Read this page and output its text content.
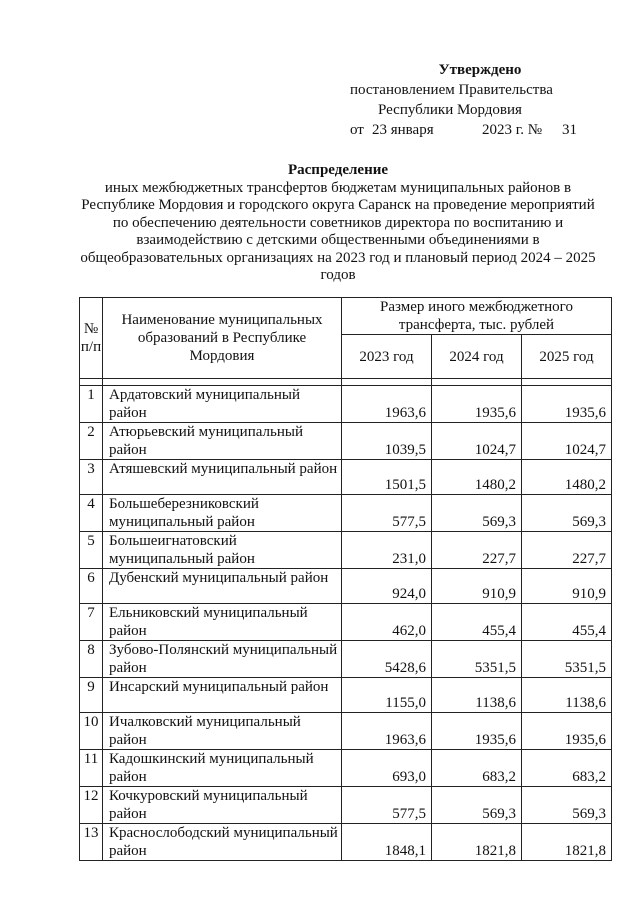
Утверждено
постановлением Правительства
Республики Мордовия
от 23 января	2023 г. №	31
Распределение
иных межбюджетных трансфертов бюджетам муниципальных районов в Республике Мордовия и городского округа Саранск на проведение мероприятий по обеспечению деятельности советников директора по воспитанию и взаимодействию с детскими общественными объединениями в общеобразовательных организациях на 2023 год и плановый период 2024 – 2025 годов
№ п/п	Наименование муниципальных образований в Республике Мордовия	Размер иного межбюджетного трансферта, тыс. рублей		
		2023 год	2024 год	2025 год

1	Ардатовский муниципальный район	1963,6	1935,6	1935,6
2	Атюрьевский муниципальный район	1039,5	1024,7	1024,7
3	Атяшевский муниципальный район	1501,5	1480,2	1480,2
4	Большеберезниковский муниципальный район	577,5	569,3	569,3
5	Большеигнатовский муниципальный район	231,0	227,7	227,7
6	Дубенский муниципальный район	924,0	910,9	910,9
7	Ельниковский муниципальный район	462,0	455,4	455,4
8	Зубово-Полянский муниципальный район	5428,6	5351,5	5351,5
9	Инсарский муниципальный район	1155,0	1138,6	1138,6
10	Ичалковский муниципальный район	1963,6	1935,6	1935,6
11	Кадошкинский муниципальный район	693,0	683,2	683,2
12	Кочкуровский муниципальный район	577,5	569,3	569,3
13	Краснослободский муниципальный район	1848,1	1821,8	1821,8
